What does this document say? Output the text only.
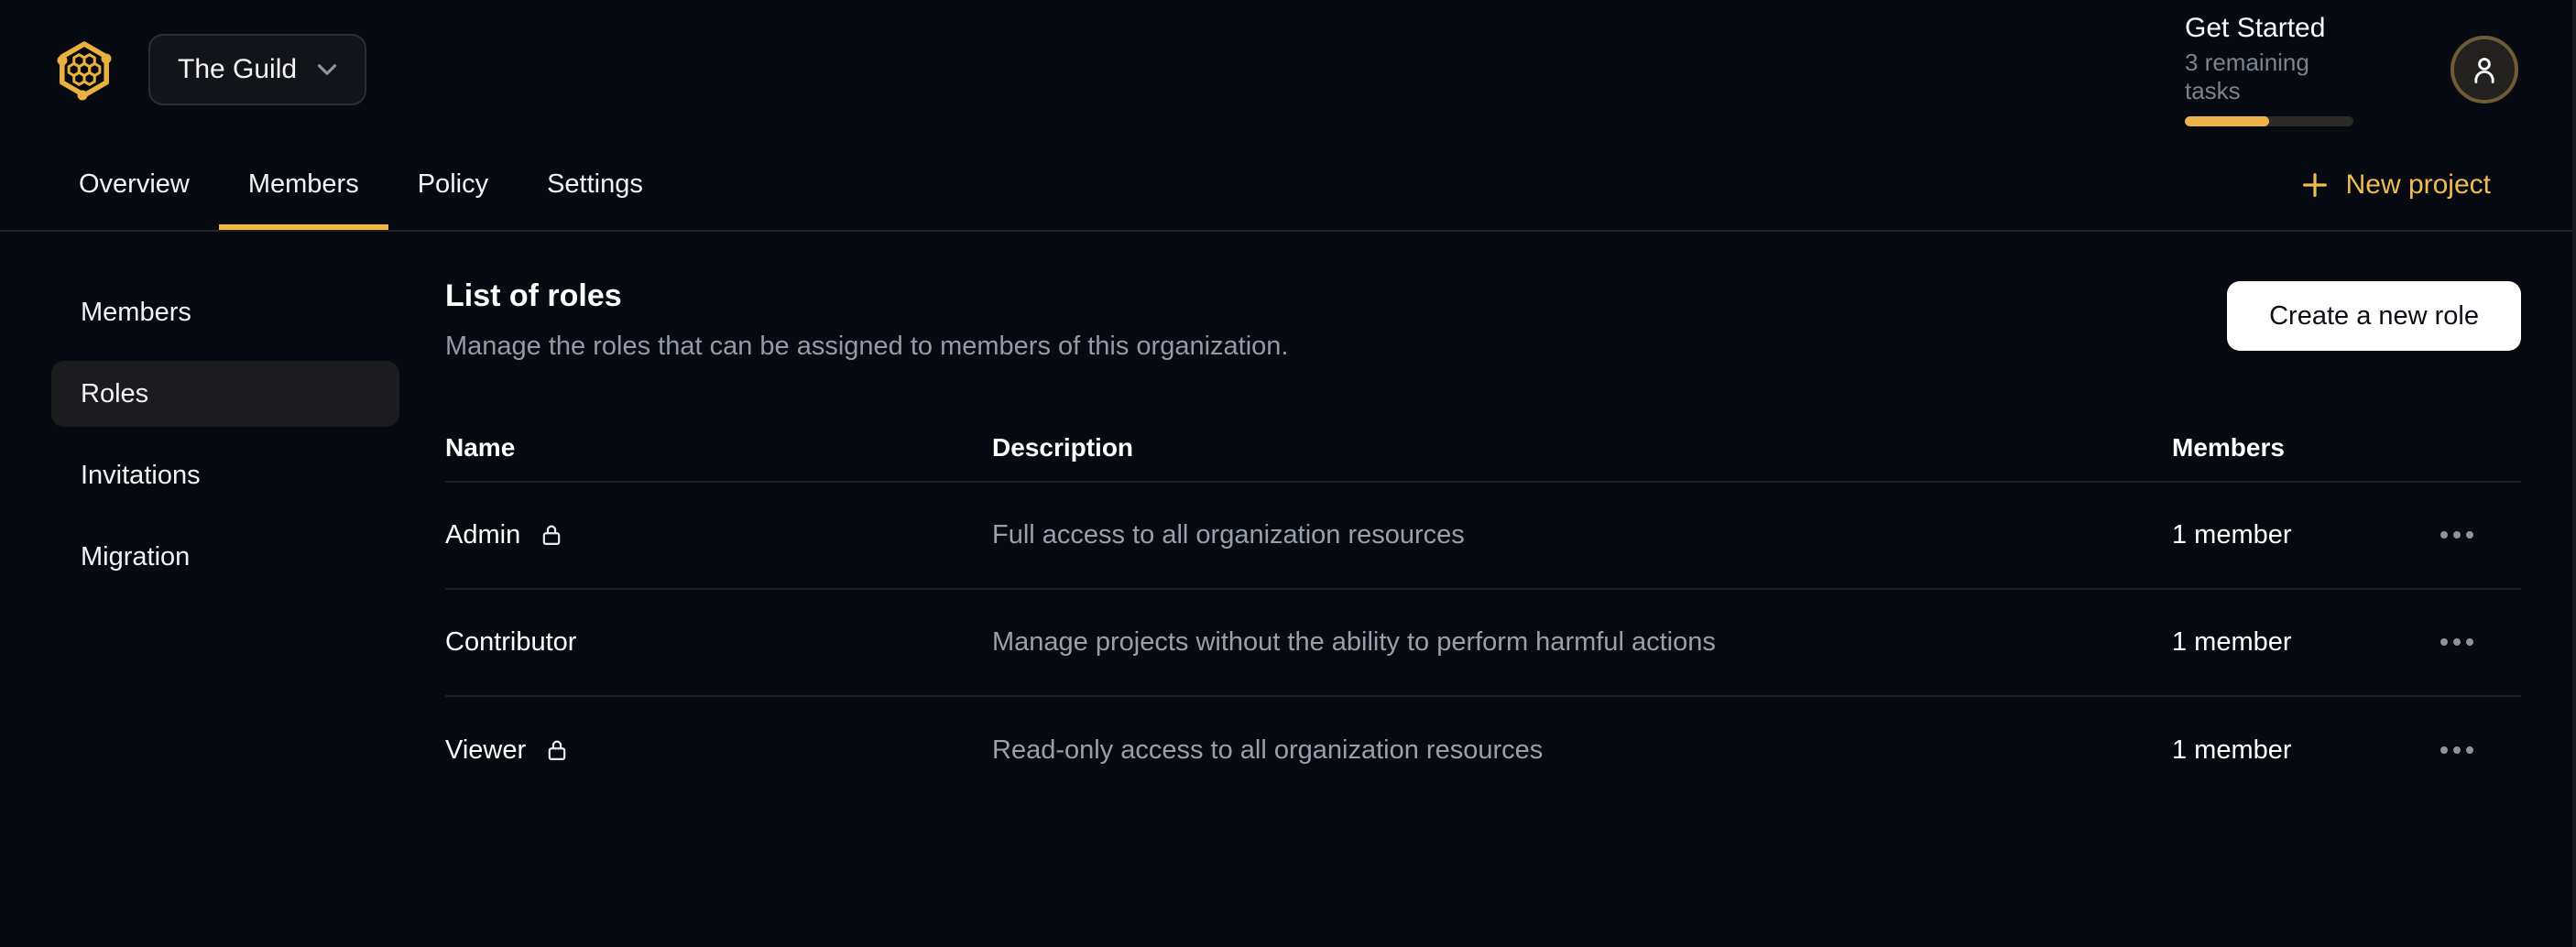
The Guild
Get Started
3 remaining tasks
Overview Members Policy Settings	New project
Members
Roles
Invitations
Migration
List of roles

Manage the roles that can be assigned to members of this organization.

Create a new role
Name	Description	Members
Admin	Full access to all organization resources	1 member
Contributor	Manage projects without the ability to perform harmful actions	1 member
Viewer	Read-only access to all organization resources	1 member
